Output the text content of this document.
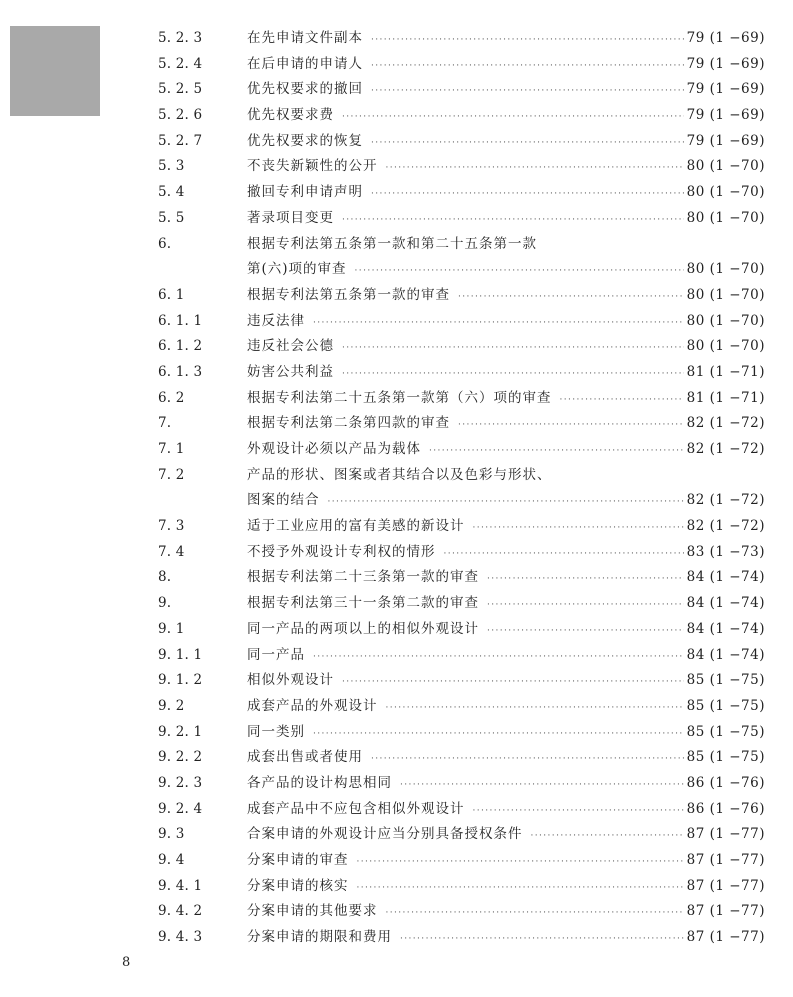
5. 2. 3	在先申请文件副本 ·····	79 (1 −69)
5. 2. 4	在后申请的申请人 ·····	79 (1 −69)
5. 2. 5	优先权要求的撤回 ·····	79 (1 −69)
5. 2. 6	优先权要求费 ·····	79 (1 −69)
5. 2. 7	优先权要求的恢复 ·····	79 (1 −69)
5. 3	不丧失新颖性的公开 ·····	80 (1 −70)
5. 4	撤回专利申请声明 ·····	80 (1 −70)
5. 5	著录项目变更 ·····	80 (1 −70)
6.	根据专利法第五条第一款和第二十五条第一款
第(六)项的审查 ·····	80 (1 −70)
6. 1	根据专利法第五条第一款的审查 ·····	80 (1 −70)
6. 1. 1	违反法律 ·····	80 (1 −70)
6. 1. 2	违反社会公德 ·····	80 (1 −70)
6. 1. 3	妨害公共利益 ·····	81 (1 −71)
6. 2	根据专利法第二十五条第一款第（六）项的审查 ·····	81 (1 −71)
7.	根据专利法第二条第四款的审查 ·····	82 (1 −72)
7. 1	外观设计必须以产品为载体 ·····	82 (1 −72)
7. 2	产品的形状、图案或者其结合以及色彩与形状、
图案的结合 ·····	82 (1 −72)
7. 3	适于工业应用的富有美感的新设计 ·····	82 (1 −72)
7. 4	不授予外观设计专利权的情形 ·····	83 (1 −73)
8.	根据专利法第二十三条第一款的审查 ·····	84 (1 −74)
9.	根据专利法第三十一条第二款的审查 ·····	84 (1 −74)
9. 1	同一产品的两项以上的相似外观设计 ·····	84 (1 −74)
9. 1. 1	同一产品 ·····	84 (1 −74)
9. 1. 2	相似外观设计 ·····	85 (1 −75)
9. 2	成套产品的外观设计 ·····	85 (1 −75)
9. 2. 1	同一类别 ·····	85 (1 −75)
9. 2. 2	成套出售或者使用 ·····	85 (1 −75)
9. 2. 3	各产品的设计构思相同 ·····	86 (1 −76)
9. 2. 4	成套产品中不应包含相似外观设计 ·····	86 (1 −76)
9. 3	合案申请的外观设计应当分别具备授权条件 ·····	87 (1 −77)
9. 4	分案申请的审查 ·····	87 (1 −77)
9. 4. 1	分案申请的核实 ·····	87 (1 −77)
9. 4. 2	分案申请的其他要求 ·····	87 (1 −77)
9. 4. 3	分案申请的期限和费用 ·····	87 (1 −77)
8
